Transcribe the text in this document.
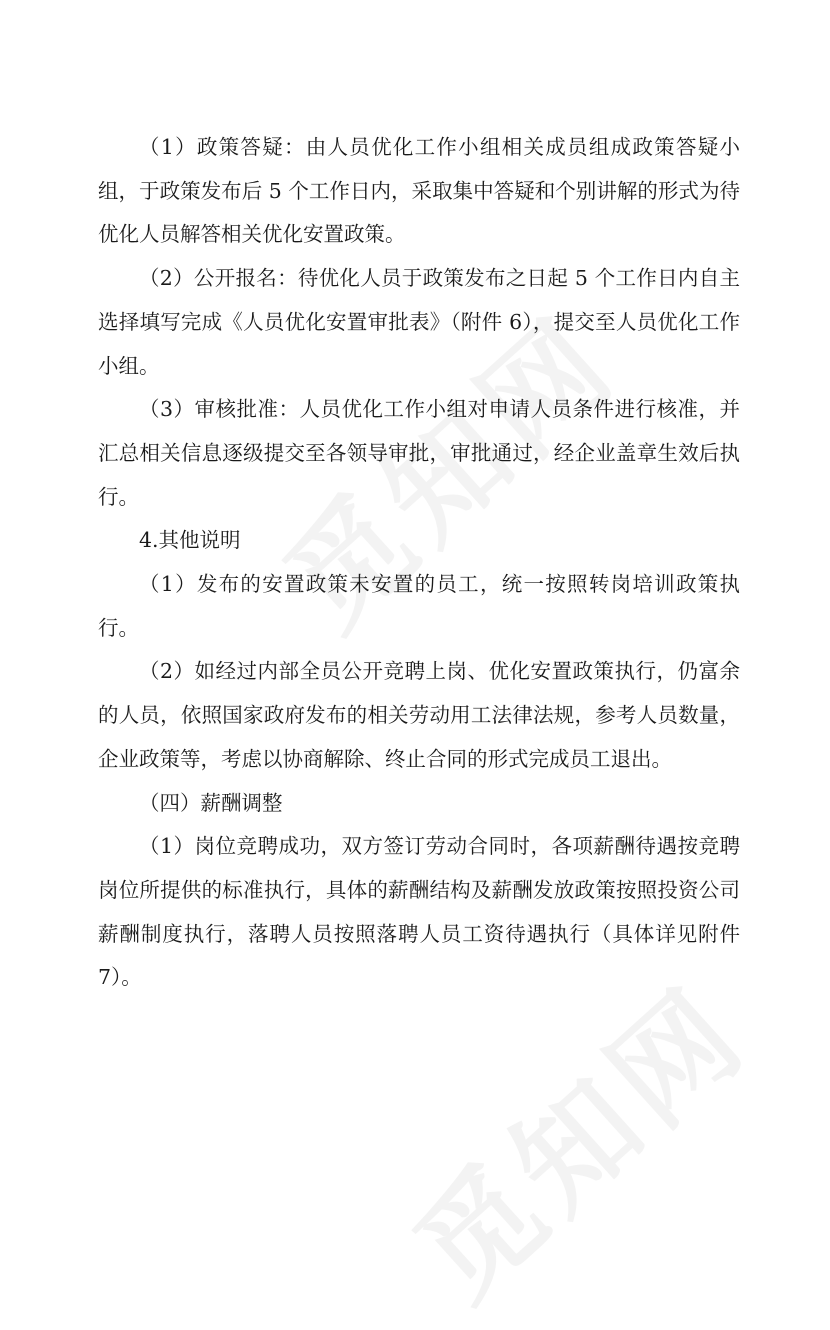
（1）政策答疑：由人员优化工作小组相关成员组成政策答疑小组，于政策发布后 5 个工作日内，采取集中答疑和个别讲解的形式为待优化人员解答相关优化安置政策。

（2）公开报名：待优化人员于政策发布之日起 5 个工作日内自主选择填写完成《人员优化安置审批表》（附件 6），提交至人员优化工作小组。

（3）审核批准：人员优化工作小组对申请人员条件进行核准，并汇总相关信息逐级提交至各领导审批，审批通过，经企业盖章生效后执行。

4.其他说明

（1）发布的安置政策未安置的员工，统一按照转岗培训政策执行。

（2）如经过内部全员公开竞聘上岗、优化安置政策执行，仍富余的人员，依照国家政府发布的相关劳动用工法律法规，参考人员数量，企业政策等，考虑以协商解除、终止合同的形式完成员工退出。

（四）薪酬调整

（1）岗位竞聘成功，双方签订劳动合同时，各项薪酬待遇按竞聘岗位所提供的标准执行，具体的薪酬结构及薪酬发放政策按照投资公司薪酬制度执行，落聘人员按照落聘人员工资待遇执行（具体详见附件 7）。
